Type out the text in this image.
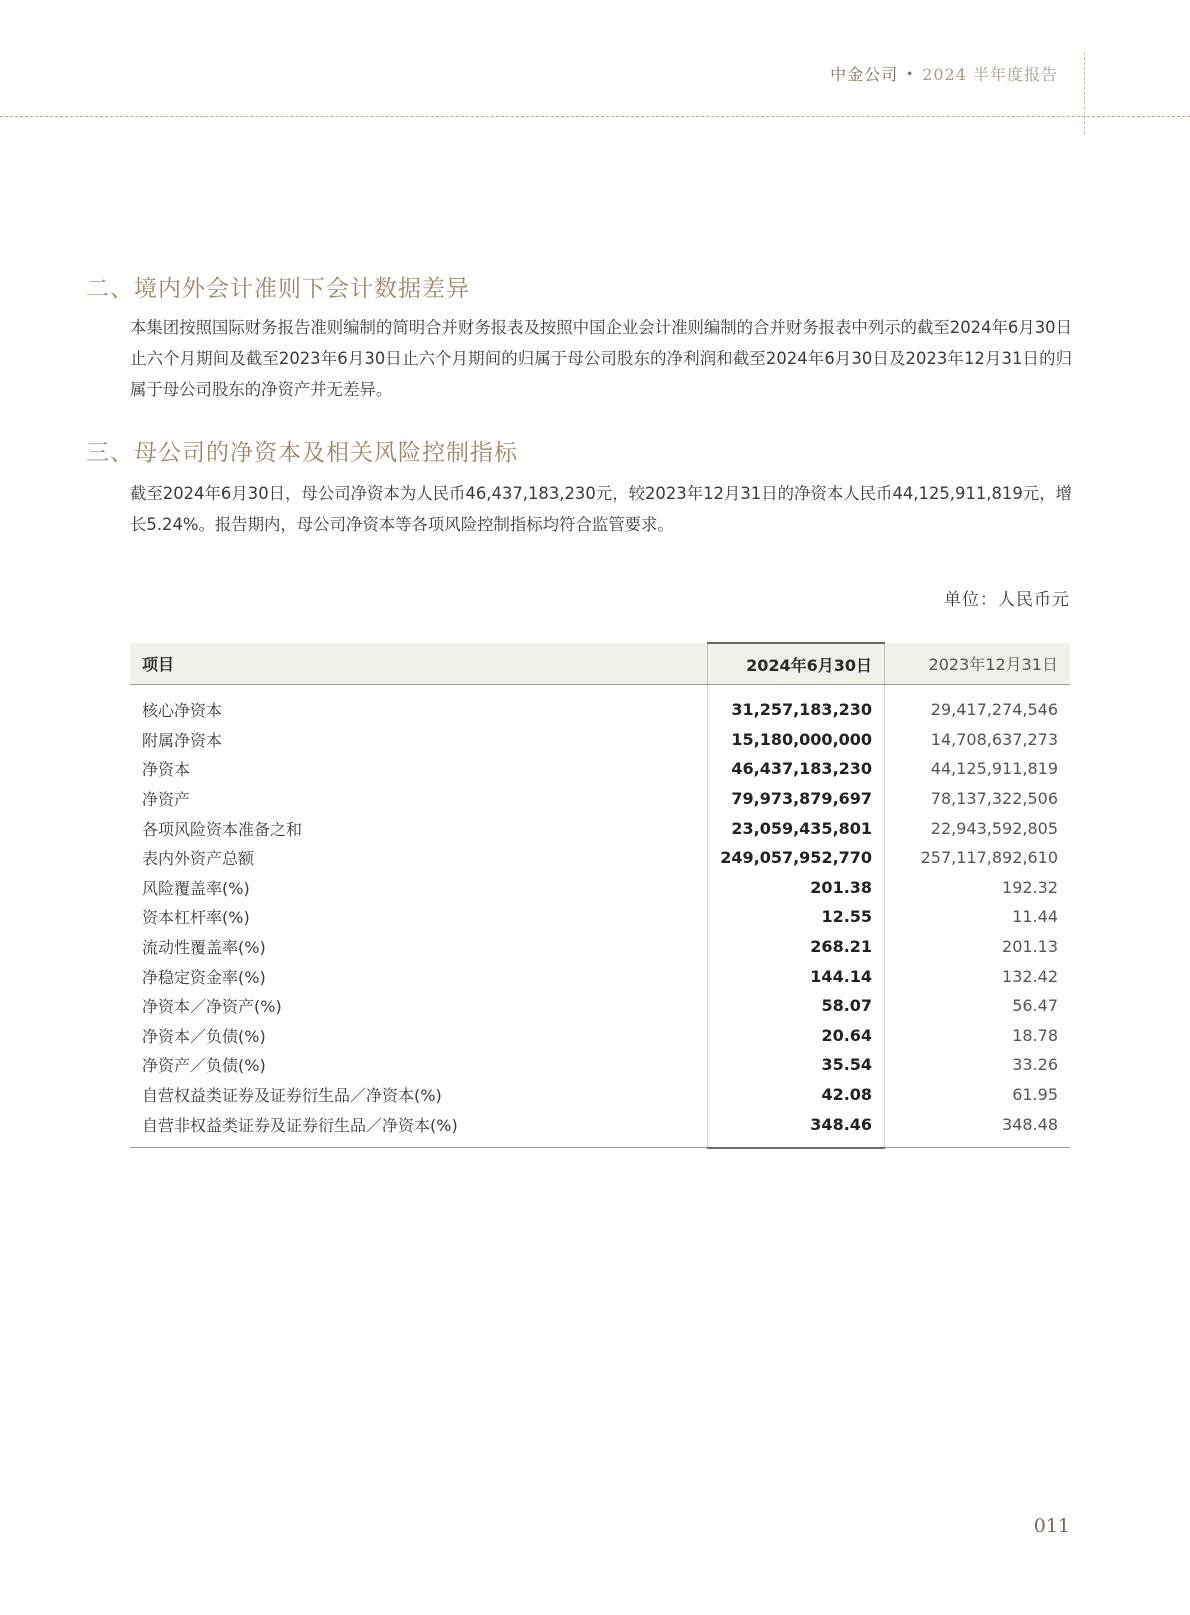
中金公司 • 2024 半年度报告
二、境内外会计准则下会计数据差异

本集团按照国际财务报告准则编制的简明合并财务报表及按照中国企业会计准则编制的合并财务报表中列示的截至2024年6月30日止六个月期间及截至2023年6月30日止六个月期间的归属于母公司股东的净利润和截至2024年6月30日及2023年12月31日的归属于母公司股东的净资产并无差异。

三、母公司的净资本及相关风险控制指标

截至2024年6月30日，母公司净资本为人民币46,437,183,230元，较2023年12月31日的净资本人民币44,125,911,819元，增长5.24%。报告期内，母公司净资本等各项风险控制指标均符合监管要求。

单位：人民币元
项目	2024年6月30日	2023年12月31日
核心净资本	31,257,183,230	29,417,274,546
附属净资本	15,180,000,000	14,708,637,273
净资本	46,437,183,230	44,125,911,819
净资产	79,973,879,697	78,137,322,506
各项风险资本准备之和	23,059,435,801	22,943,592,805
表内外资产总额	249,057,952,770	257,117,892,610
风险覆盖率(%)	201.38	192.32
资本杠杆率(%)	12.55	11.44
流动性覆盖率(%)	268.21	201.13
净稳定资金率(%)	144.14	132.42
净资本／净资产(%)	58.07	56.47
净资本／负债(%)	20.64	18.78
净资产／负债(%)	35.54	33.26
自营权益类证券及证券衍生品／净资本(%)	42.08	61.95
自营非权益类证券及证券衍生品／净资本(%)	348.46	348.48
011
